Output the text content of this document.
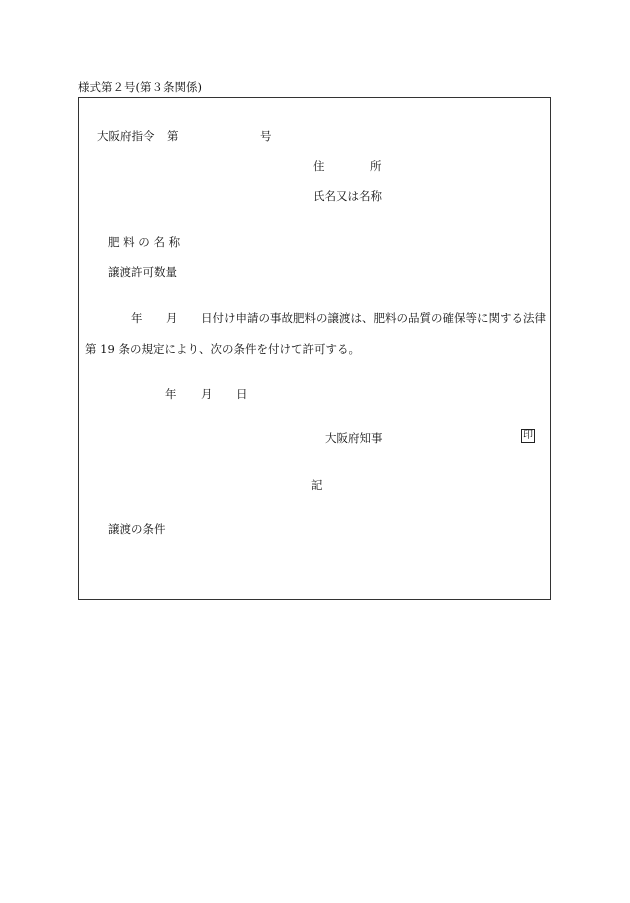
様式第２号(第３条関係)
大阪府指令 第	号
住	所
氏名又は名称
肥 料 の 名 称
譲渡許可数量
年 月 日付け申請の事故肥料の譲渡は、肥料の品質の確保等に関する法律
第 19 条の規定により、次の条件を付けて許可する。
年 月 日
大阪府知事	印
記
譲渡の条件
